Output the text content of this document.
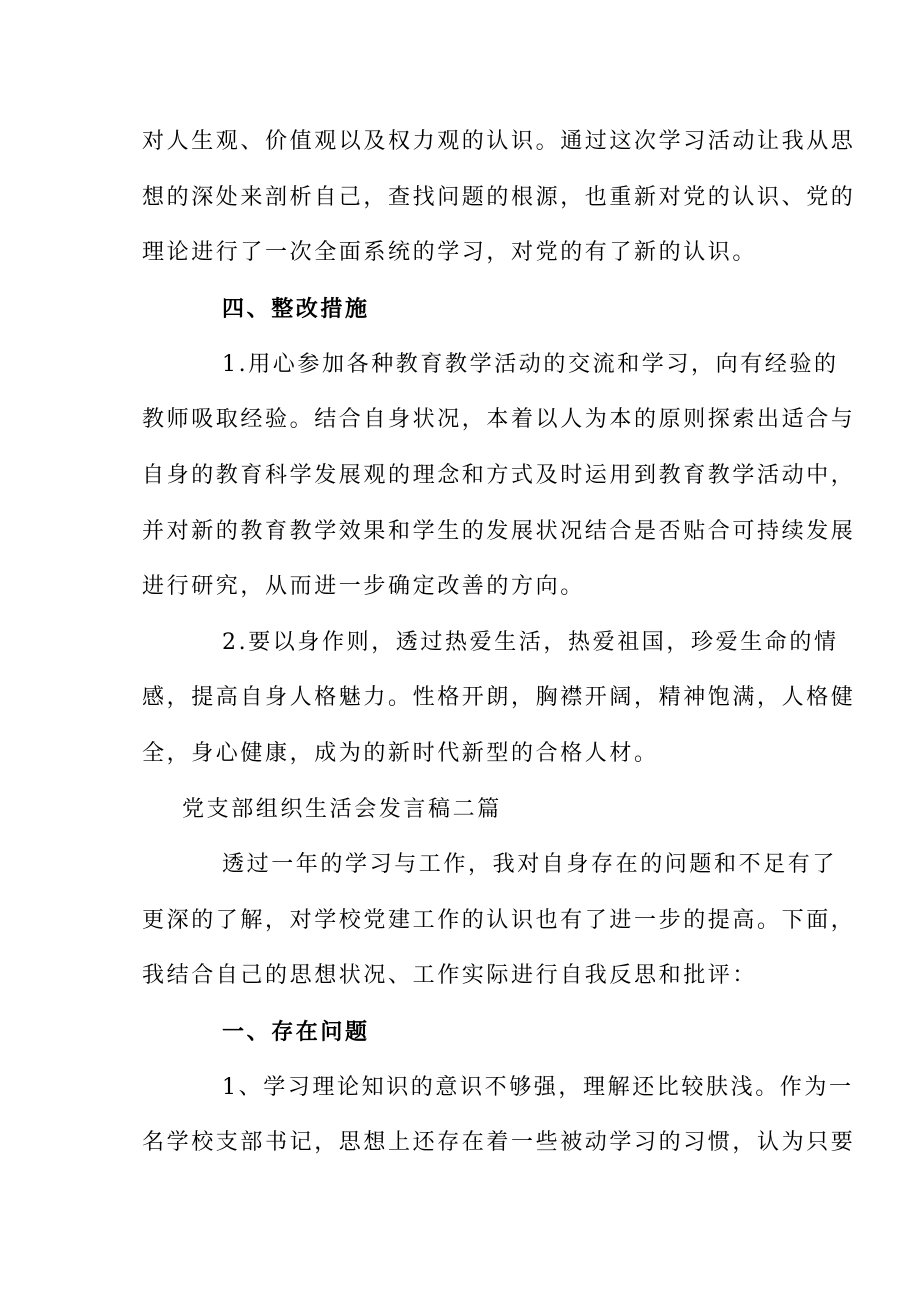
对人生观、价值观以及权力观的认识。通过这次学习活动让我从思
想的深处来剖析自己，查找问题的根源，也重新对党的认识、党的
理论进行了一次全面系统的学习，对党的有了新的认识。
四、整改措施
1.用心参加各种教育教学活动的交流和学习，向有经验的
教师吸取经验。结合自身状况，本着以人为本的原则探索出适合与
自身的教育科学发展观的理念和方式及时运用到教育教学活动中，
并对新的教育教学效果和学生的发展状况结合是否贴合可持续发展
进行研究，从而进一步确定改善的方向。
2.要以身作则，透过热爱生活，热爱祖国，珍爱生命的情
感，提高自身人格魅力。性格开朗，胸襟开阔，精神饱满，人格健
全，身心健康，成为的新时代新型的合格人材。
党支部组织生活会发言稿二篇
透过一年的学习与工作，我对自身存在的问题和不足有了
更深的了解，对学校党建工作的认识也有了进一步的提高。下面，
我结合自己的思想状况、工作实际进行自我反思和批评：
一、存在问题
1、学习理论知识的意识不够强，理解还比较肤浅。作为一
名学校支部书记，思想上还存在着一些被动学习的习惯，认为只要
